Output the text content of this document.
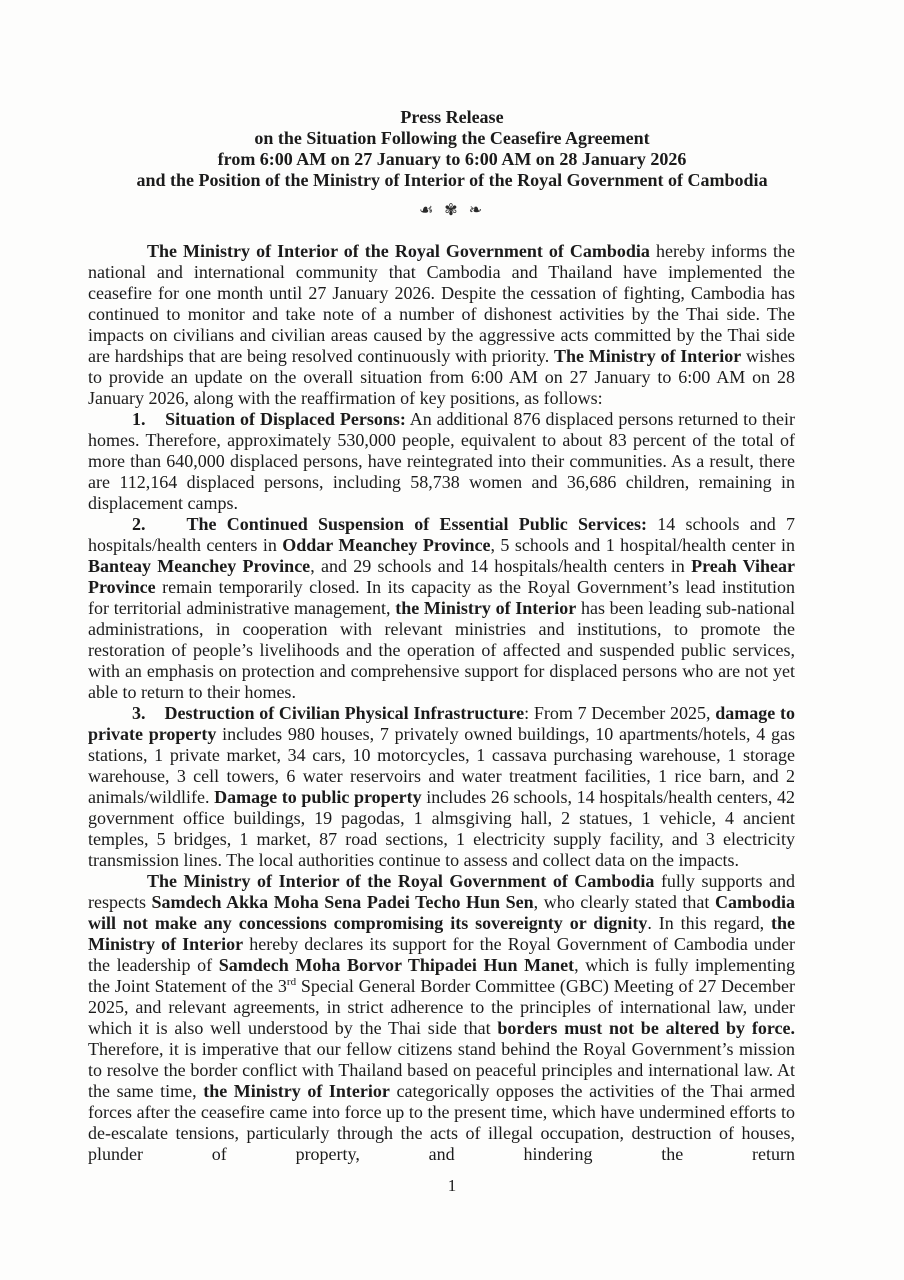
Press Release
on the Situation Following the Ceasefire Agreement
from 6:00 AM on 27 January to 6:00 AM on 28 January 2026
and the Position of the Ministry of Interior of the Royal Government of Cambodia
☙ ✾ ❧

The Ministry of Interior of the Royal Government of Cambodia hereby informs the national and international community that Cambodia and Thailand have implemented the ceasefire for one month until 27 January 2026. Despite the cessation of fighting, Cambodia has continued to monitor and take note of a number of dishonest activities by the Thai side. The impacts on civilians and civilian areas caused by the aggressive acts committed by the Thai side are hardships that are being resolved continuously with priority. The Ministry of Interior wishes to provide an update on the overall situation from 6:00 AM on 27 January to 6:00 AM on 28 January 2026, along with the reaffirmation of key positions, as follows:

1.    Situation of Displaced Persons: An additional 876 displaced persons returned to their homes. Therefore, approximately 530,000 people, equivalent to about 83 percent of the total of more than 640,000 displaced persons, have reintegrated into their communities. As a result, there are 112,164 displaced persons, including 58,738 women and 36,686 children, remaining in displacement camps.

2.    The Continued Suspension of Essential Public Services: 14 schools and 7 hospitals/health centers in Oddar Meanchey Province, 5 schools and 1 hospital/health center in Banteay Meanchey Province, and 29 schools and 14 hospitals/health centers in Preah Vihear Province remain temporarily closed. In its capacity as the Royal Government’s lead institution for territorial administrative management, the Ministry of Interior has been leading sub-national administrations, in cooperation with relevant ministries and institutions, to promote the restoration of people’s livelihoods and the operation of affected and suspended public services, with an emphasis on protection and comprehensive support for displaced persons who are not yet able to return to their homes.

3.    Destruction of Civilian Physical Infrastructure: From 7 December 2025, damage to private property includes 980 houses, 7 privately owned buildings, 10 apartments/hotels, 4 gas stations, 1 private market, 34 cars, 10 motorcycles, 1 cassava purchasing warehouse, 1 storage warehouse, 3 cell towers, 6 water reservoirs and water treatment facilities, 1 rice barn, and 2 animals/wildlife. Damage to public property includes 26 schools, 14 hospitals/health centers, 42 government office buildings, 19 pagodas, 1 almsgiving hall, 2 statues, 1 vehicle, 4 ancient temples, 5 bridges, 1 market, 87 road sections, 1 electricity supply facility, and 3 electricity transmission lines. The local authorities continue to assess and collect data on the impacts.

The Ministry of Interior of the Royal Government of Cambodia fully supports and respects Samdech Akka Moha Sena Padei Techo Hun Sen, who clearly stated that Cambodia will not make any concessions compromising its sovereignty or dignity. In this regard, the Ministry of Interior hereby declares its support for the Royal Government of Cambodia under the leadership of Samdech Moha Borvor Thipadei Hun Manet, which is fully implementing the Joint Statement of the 3rd Special General Border Committee (GBC) Meeting of 27 December 2025, and relevant agreements, in strict adherence to the principles of international law, under which it is also well understood by the Thai side that borders must not be altered by force. Therefore, it is imperative that our fellow citizens stand behind the Royal Government’s mission to resolve the border conflict with Thailand based on peaceful principles and international law. At the same time, the Ministry of Interior categorically opposes the activities of the Thai armed forces after the ceasefire came into force up to the present time, which have undermined efforts to de-escalate tensions, particularly through the acts of illegal occupation, destruction of houses, plunder of property, and hindering the return

1
